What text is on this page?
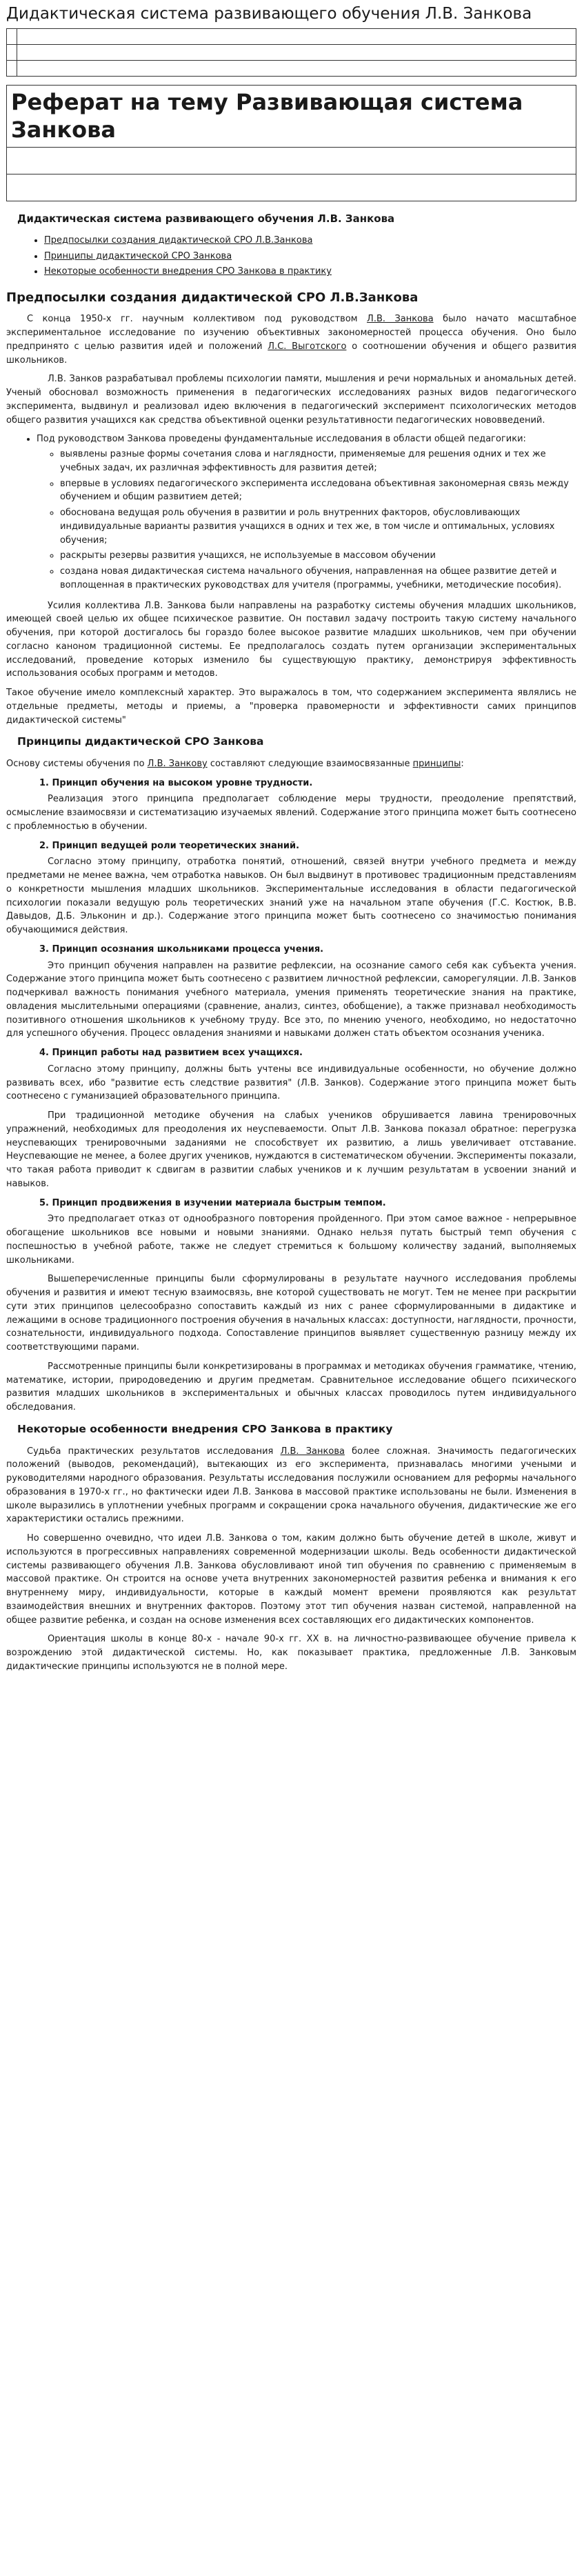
Дидактическая система развивающего обучения Л.В. Занкова

Реферат на тему Развивающая система Занкова

Дидактическая система развивающего обучения Л.В. Занкова
• Предпосылки создания дидактической СРО Л.В.Занкова
• Принципы дидактической СРО Занкова
• Некоторые особенности внедрения СРО Занкова в практику
Предпосылки создания дидактической СРО Л.В.Занкова

С конца 1950-х гг. научным коллективом под руководством Л.В. Занкова было начато масштабное экспериментальное исследование по изучению объективных закономерностей процесса обучения. Оно было предпринято с целью развития идей и положений Л.С. Выготского о соотношении обучения и общего развития школьников.

Л.В. Занков разрабатывал проблемы психологии памяти, мышления и речи нормальных и аномальных детей. Ученый обосновал возможность применения в педагогических исследованиях разных видов педагогического эксперимента, выдвинул и реализовал идею включения в педагогический эксперимент психологических методов общего развития учащихся как средства объективной оценки результативности педагогических нововведений.

• Под руководством Занкова проведены фундаментальные исследования в области общей педагогики:
◦ выявлены разные формы сочетания слова и наглядности, применяемые для решения одних и тех же учебных задач, их различная эффективность для развития детей;
◦ впервые в условиях педагогического эксперимента исследована объективная закономерная связь между обучением и общим развитием детей;
◦ обоснована ведущая роль обучения в развитии и роль внутренних факторов, обусловливающих индивидуальные варианты развития учащихся в одних и тех же, в том числе и оптимальных, условиях обучения;
◦ раскрыты резервы развития учащихся, не используемые в массовом обучении
◦ создана новая дидактическая система начального обучения, направленная на общее развитие детей и воплощенная в практических руководствах для учителя (программы, учебники, методические пособия).

Усилия коллектива Л.В. Занкова были направлены на разработку системы обучения младших школьников, имеющей своей целью их общее психическое развитие. Он поставил задачу построить такую систему начального обучения, при которой достигалось бы гораздо более высокое развитие младших школьников, чем при обучении согласно каноном традиционной системы. Ее предполагалось создать путем организации экспериментальных исследований, проведение которых изменило бы существующую практику, демонстрируя эффективность использования особых программ и методов.

Такое обучение имело комплексный характер. Это выражалось в том, что содержанием эксперимента являлись не отдельные предметы, методы и приемы, а "проверка правомерности и эффективности самих принципов дидактической системы"

Принципы дидактической СРО Занкова

Основу системы обучения по Л.В. Занкову составляют следующие взаимосвязанные принципы:

1. Принцип обучения на высоком уровне трудности.

Реализация этого принципа предполагает соблюдение меры трудности, преодоление препятствий, осмысление взаимосвязи и систематизацию изучаемых явлений. Содержание этого принципа может быть соотнесено с проблемностью в обучении.

2. Принцип ведущей роли теоретических знаний.

Согласно этому принципу, отработка понятий, отношений, связей внутри учебного предмета и между предметами не менее важна, чем отработка навыков. Он был выдвинут в противовес традиционным представлениям о конкретности мышления младших школьников. Экспериментальные исследования в области педагогической психологии показали ведущую роль теоретических знаний уже на начальном этапе обучения (Г.С. Костюк, В.В. Давыдов, Д.Б. Эльконин и др.). Содержание этого принципа может быть соотнесено со значимостью понимания обучающимися действия.

3. Принцип осознания школьниками процесса учения.

Это принцип обучения направлен на развитие рефлексии, на осознание самого себя как субъекта учения. Содержание этого принципа может быть соотнесено с развитием личностной рефлексии, саморегуляции. Л.В. Занков подчеркивал важность понимания учебного материала, умения применять теоретические знания на практике, овладения мыслительными операциями (сравнение, анализ, синтез, обобщение), а также признавал необходимость позитивного отношения школьников к учебному труду. Все это, по мнению ученого, необходимо, но недостаточно для успешного обучения. Процесс овладения знаниями и навыками должен стать объектом осознания ученика.

4. Принцип работы над развитием всех учащихся.

Согласно этому принципу, должны быть учтены все индивидуальные особенности, но обучение должно развивать всех, ибо "развитие есть следствие развития" (Л.В. Занков). Содержание этого принципа может быть соотнесено с гуманизацией образовательного принципа.

При традиционной методике обучения на слабых учеников обрушивается лавина тренировочных упражнений, необходимых для преодоления их неуспеваемости. Опыт Л.В. Занкова показал обратное: перегрузка неуспевающих тренировочными заданиями не способствует их развитию, а лишь увеличивает отставание. Неуспевающие не менее, а более других учеников, нуждаются в систематическом обучении. Эксперименты показали, что такая работа приводит к сдвигам в развитии слабых учеников и к лучшим результатам в усвоении знаний и навыков.

5. Принцип продвижения в изучении материала быстрым темпом.

Это предполагает отказ от однообразного повторения пройденного. При этом самое важное - непрерывное обогащение школьников все новыми и новыми знаниями. Однако нельзя путать быстрый темп обучения с поспешностью в учебной работе, также не следует стремиться к большому количеству заданий, выполняемых школьниками.

Вышеперечисленные принципы были сформулированы в результате научного исследования проблемы обучения и развития и имеют тесную взаимосвязь, вне которой существовать не могут. Тем не менее при раскрытии сути этих принципов целесообразно сопоставить каждый из них с ранее сформулированными в дидактике и лежащими в основе традиционного построения обучения в начальных классах: доступности, наглядности, прочности, сознательности, индивидуального подхода. Сопоставление принципов выявляет существенную разницу между их соответствующими парами.

Рассмотренные принципы были конкретизированы в программах и методиках обучения грамматике, чтению, математике, истории, природоведению и другим предметам. Сравнительное исследование общего психического развития младших школьников в экспериментальных и обычных классах проводилось путем индивидуального обследования.

Некоторые особенности внедрения СРО Занкова в практику

Судьба практических результатов исследования Л.В. Занкова более сложная. Значимость педагогических положений (выводов, рекомендаций), вытекающих из его эксперимента, признавалась многими учеными и руководителями народного образования. Результаты исследования послужили основанием для реформы начального образования в 1970-х гг., но фактически идеи Л.В. Занкова в массовой практике использованы не были. Изменения в школе выразились в уплотнении учебных программ и сокращении срока начального обучения, дидактические же его характеристики остались прежними.

Но совершенно очевидно, что идеи Л.В. Занкова о том, каким должно быть обучение детей в школе, живут и используются в прогрессивных направлениях современной модернизации школы. Ведь особенности дидактической системы развивающего обучения Л.В. Занкова обусловливают иной тип обучения по сравнению с применяемым в массовой практике. Он строится на основе учета внутренних закономерностей развития ребенка и внимания к его внутреннему миру, индивидуальности, которые в каждый момент времени проявляются как результат взаимодействия внешних и внутренних факторов. Поэтому этот тип обучения назван системой, направленной на общее развитие ребенка, и создан на основе изменения всех составляющих его дидактических компонентов.

Ориентация школы в конце 80-х - начале 90-х гг. XX в. на личностно-развивающее обучение привела к возрождению этой дидактической системы. Но, как показывает практика, предложенные Л.В. Занковым дидактические принципы используются не в полной мере.
